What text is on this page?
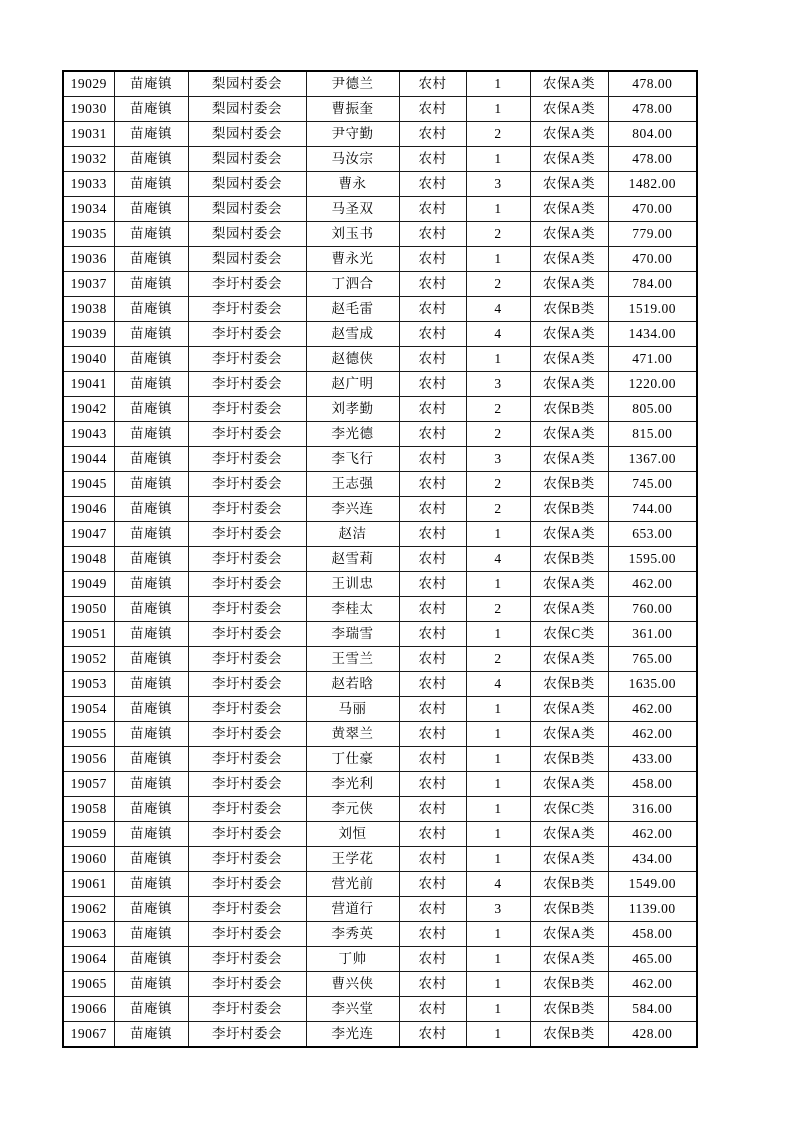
19029	苗庵镇	梨园村委会	尹德兰	农村	1	农保A类	478.00
19030	苗庵镇	梨园村委会	曹振奎	农村	1	农保A类	478.00
19031	苗庵镇	梨园村委会	尹守勤	农村	2	农保A类	804.00
19032	苗庵镇	梨园村委会	马汝宗	农村	1	农保A类	478.00
19033	苗庵镇	梨园村委会	曹永	农村	3	农保A类	1482.00
19034	苗庵镇	梨园村委会	马圣双	农村	1	农保A类	470.00
19035	苗庵镇	梨园村委会	刘玉书	农村	2	农保A类	779.00
19036	苗庵镇	梨园村委会	曹永光	农村	1	农保A类	470.00
19037	苗庵镇	李圩村委会	丁泗合	农村	2	农保A类	784.00
19038	苗庵镇	李圩村委会	赵毛雷	农村	4	农保B类	1519.00
19039	苗庵镇	李圩村委会	赵雪成	农村	4	农保A类	1434.00
19040	苗庵镇	李圩村委会	赵德侠	农村	1	农保A类	471.00
19041	苗庵镇	李圩村委会	赵广明	农村	3	农保A类	1220.00
19042	苗庵镇	李圩村委会	刘孝勤	农村	2	农保B类	805.00
19043	苗庵镇	李圩村委会	李光德	农村	2	农保A类	815.00
19044	苗庵镇	李圩村委会	李飞行	农村	3	农保A类	1367.00
19045	苗庵镇	李圩村委会	王志强	农村	2	农保B类	745.00
19046	苗庵镇	李圩村委会	李兴连	农村	2	农保B类	744.00
19047	苗庵镇	李圩村委会	赵洁	农村	1	农保A类	653.00
19048	苗庵镇	李圩村委会	赵雪莉	农村	4	农保B类	1595.00
19049	苗庵镇	李圩村委会	王训忠	农村	1	农保A类	462.00
19050	苗庵镇	李圩村委会	李桂太	农村	2	农保A类	760.00
19051	苗庵镇	李圩村委会	李瑞雪	农村	1	农保C类	361.00
19052	苗庵镇	李圩村委会	王雪兰	农村	2	农保A类	765.00
19053	苗庵镇	李圩村委会	赵若晗	农村	4	农保B类	1635.00
19054	苗庵镇	李圩村委会	马丽	农村	1	农保A类	462.00
19055	苗庵镇	李圩村委会	黄翠兰	农村	1	农保A类	462.00
19056	苗庵镇	李圩村委会	丁仕豪	农村	1	农保B类	433.00
19057	苗庵镇	李圩村委会	李光利	农村	1	农保A类	458.00
19058	苗庵镇	李圩村委会	李元侠	农村	1	农保C类	316.00
19059	苗庵镇	李圩村委会	刘恒	农村	1	农保A类	462.00
19060	苗庵镇	李圩村委会	王学花	农村	1	农保A类	434.00
19061	苗庵镇	李圩村委会	营光前	农村	4	农保B类	1549.00
19062	苗庵镇	李圩村委会	营道行	农村	3	农保B类	1139.00
19063	苗庵镇	李圩村委会	李秀英	农村	1	农保A类	458.00
19064	苗庵镇	李圩村委会	丁帅	农村	1	农保A类	465.00
19065	苗庵镇	李圩村委会	曹兴侠	农村	1	农保B类	462.00
19066	苗庵镇	李圩村委会	李兴堂	农村	1	农保B类	584.00
19067	苗庵镇	李圩村委会	李光连	农村	1	农保B类	428.00
